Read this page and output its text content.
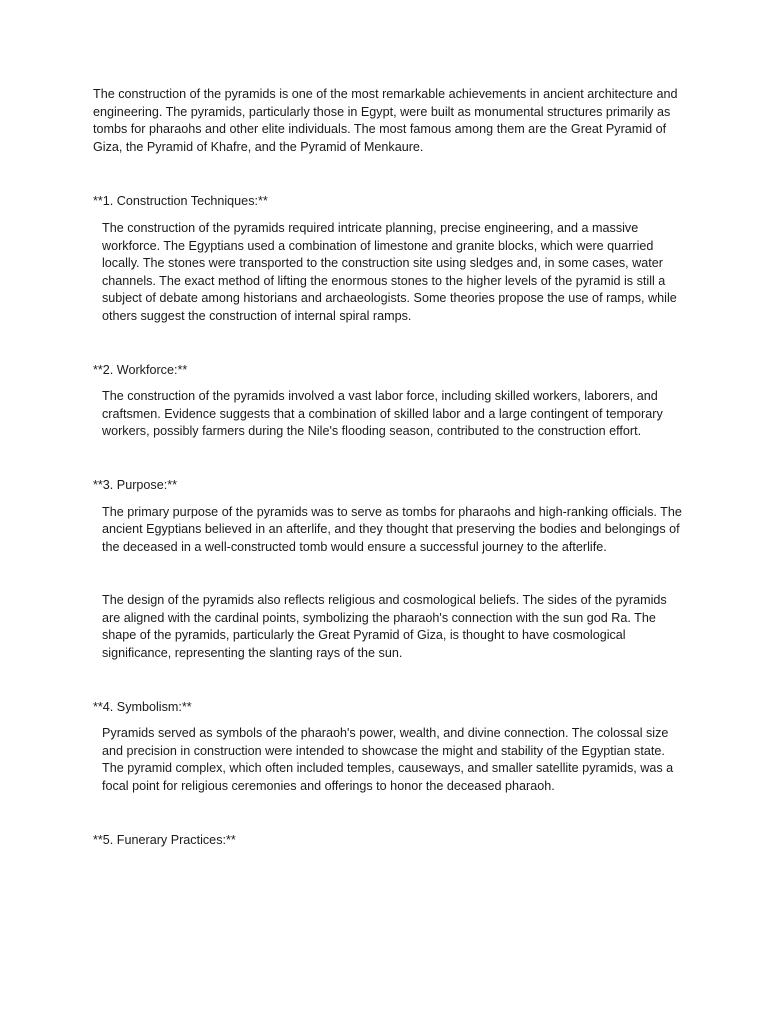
The construction of the pyramids is one of the most remarkable achievements in ancient architecture and engineering. The pyramids, particularly those in Egypt, were built as monumental structures primarily as tombs for pharaohs and other elite individuals. The most famous among them are the Great Pyramid of Giza, the Pyramid of Khafre, and the Pyramid of Menkaure.

**1. Construction Techniques:**

The construction of the pyramids required intricate planning, precise engineering, and a massive workforce. The Egyptians used a combination of limestone and granite blocks, which were quarried locally. The stones were transported to the construction site using sledges and, in some cases, water channels. The exact method of lifting the enormous stones to the higher levels of the pyramid is still a subject of debate among historians and archaeologists. Some theories propose the use of ramps, while others suggest the construction of internal spiral ramps.

**2. Workforce:**

The construction of the pyramids involved a vast labor force, including skilled workers, laborers, and craftsmen. Evidence suggests that a combination of skilled labor and a large contingent of temporary workers, possibly farmers during the Nile's flooding season, contributed to the construction effort.

**3. Purpose:**

The primary purpose of the pyramids was to serve as tombs for pharaohs and high-ranking officials. The ancient Egyptians believed in an afterlife, and they thought that preserving the bodies and belongings of the deceased in a well-constructed tomb would ensure a successful journey to the afterlife.

The design of the pyramids also reflects religious and cosmological beliefs. The sides of the pyramids are aligned with the cardinal points, symbolizing the pharaoh's connection with the sun god Ra. The shape of the pyramids, particularly the Great Pyramid of Giza, is thought to have cosmological significance, representing the slanting rays of the sun.

**4. Symbolism:**

Pyramids served as symbols of the pharaoh's power, wealth, and divine connection. The colossal size and precision in construction were intended to showcase the might and stability of the Egyptian state. The pyramid complex, which often included temples, causeways, and smaller satellite pyramids, was a focal point for religious ceremonies and offerings to honor the deceased pharaoh.

**5. Funerary Practices:**
